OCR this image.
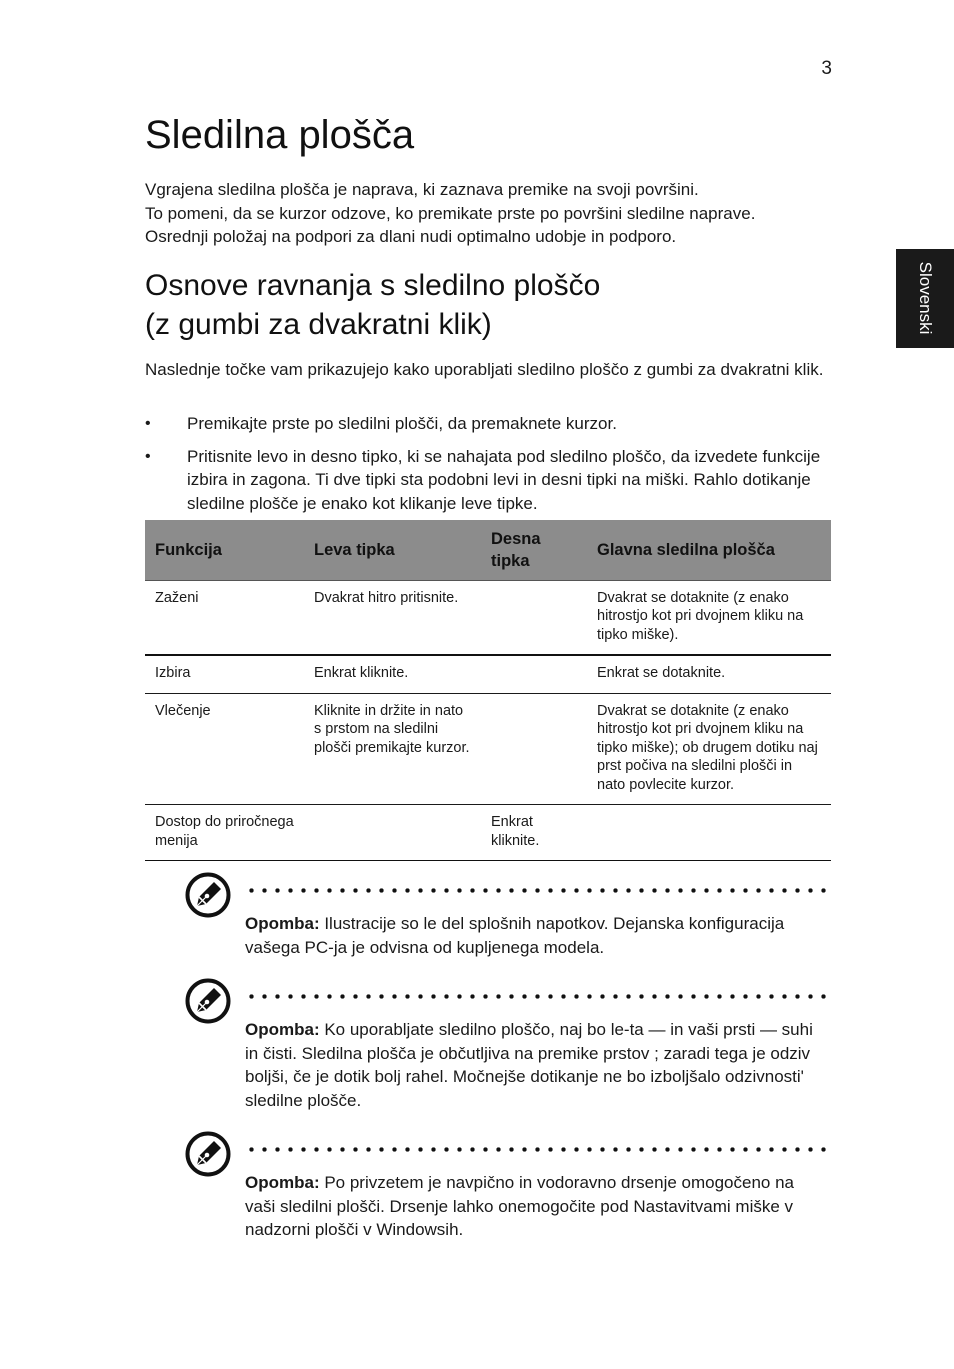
3
Slovenski
Sledilna plošča
Vgrajena sledilna plošča je naprava, ki zaznava premike na svoji površini.
To pomeni, da se kurzor odzove, ko premikate prste po površini sledilne naprave.
Osrednji položaj na podpori za dlani nudi optimalno udobje in podporo.
Osnove ravnanja s sledilno ploščo
(z gumbi za dvakratni klik)

Naslednje točke vam prikazujejo kako uporabljati sledilno ploščo z gumbi za dvakratni klik.

• Premikajte prste po sledilni plošči, da premaknete kurzor.
• Pritisnite levo in desno tipko, ki se nahajata pod sledilno ploščo, da izvedete funkcije izbira in zagona. Ti dve tipki sta podobni levi in desni tipki na miški. Rahlo dotikanje sledilne plošče je enako kot klikanje leve tipke.
Funkcija	Leva tipka	Desna tipka	Glavna sledilna plošča
Zaženi	Dvakrat hitro pritisnite.		Dvakrat se dotaknite (z enako hitrostjo kot pri dvojnem kliku na tipko miške).
Izbira	Enkrat kliknite.		Enkrat se dotaknite.
Vlečenje	Kliknite in držite in nato s prstom na sledilni plošči premikajte kurzor.		Dvakrat se dotaknite (z enako hitrostjo kot pri dvojnem kliku na tipko miške); ob drugem dotiku naj prst počiva na sledilni plošči in nato povlecite kurzor.
Dostop do priročnega menija		Enkrat kliknite.	

Opomba: Ilustracije so le del splošnih napotkov. Dejanska konfiguracija vašega PC-ja je odvisna od kupljenega modela.

Opomba: Ko uporabljate sledilno ploščo, naj bo le-ta — in vaši prsti — suhi in čisti. Sledilna plošča je občutljiva na premike prstov ; zaradi tega je odziv boljši, če je dotik bolj rahel. Močnejše dotikanje ne bo izboljšalo odzivnosti' sledilne plošče.

Opomba: Po privzetem je navpično in vodoravno drsenje omogočeno na vaši sledilni plošči. Drsenje lahko onemogočite pod Nastavitvami miške v nadzorni plošči v Windowsih.
